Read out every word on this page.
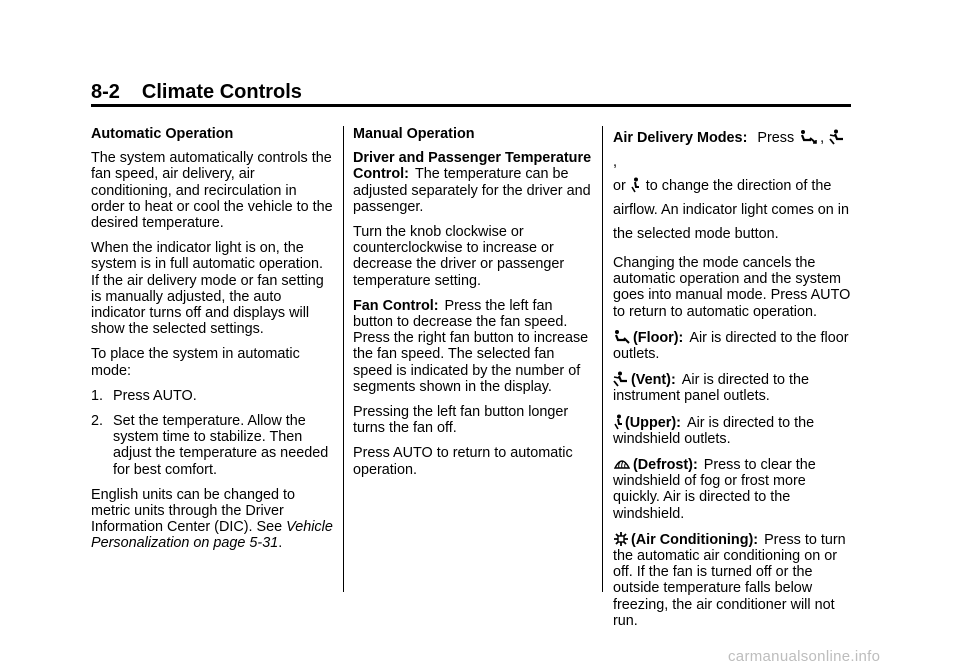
8-2 Climate Controls

Automatic Operation

The system automatically controls the fan speed, air delivery, air conditioning, and recirculation in order to heat or cool the vehicle to the desired temperature.

When the indicator light is on, the system is in full automatic operation. If the air delivery mode or fan setting is manually adjusted, the auto indicator turns off and displays will show the selected settings.

To place the system in automatic mode:

1. Press AUTO.
2. Set the temperature. Allow the system time to stabilize. Then adjust the temperature as needed for best comfort.

English units can be changed to metric units through the Driver Information Center (DIC). See Vehicle Personalization on page 5-31.

Manual Operation

Driver and Passenger Temperature Control: The temperature can be adjusted separately for the driver and passenger.

Turn the knob clockwise or counterclockwise to increase or decrease the driver or passenger temperature setting.

Fan Control: Press the left fan button to decrease the fan speed. Press the right fan button to increase the fan speed. The selected fan speed is indicated by the number of segments shown in the display.

Pressing the left fan button longer turns the fan off.

Press AUTO to return to automatic operation.

Air Delivery Modes: Press ,
,
or to change the direction of the airflow. An indicator light comes on in the selected mode button.

Changing the mode cancels the automatic operation and the system goes into manual mode. Press AUTO to return to automatic operation.

(Floor): Air is directed to the floor outlets.

(Vent): Air is directed to the instrument panel outlets.

(Upper): Air is directed to the windshield outlets.

(Defrost): Press to clear the windshield of fog or frost more quickly. Air is directed to the windshield.

(Air Conditioning): Press to turn the automatic air conditioning on or off. If the fan is turned off or the outside temperature falls below freezing, the air conditioner will not run.

carmanualsonline.info
